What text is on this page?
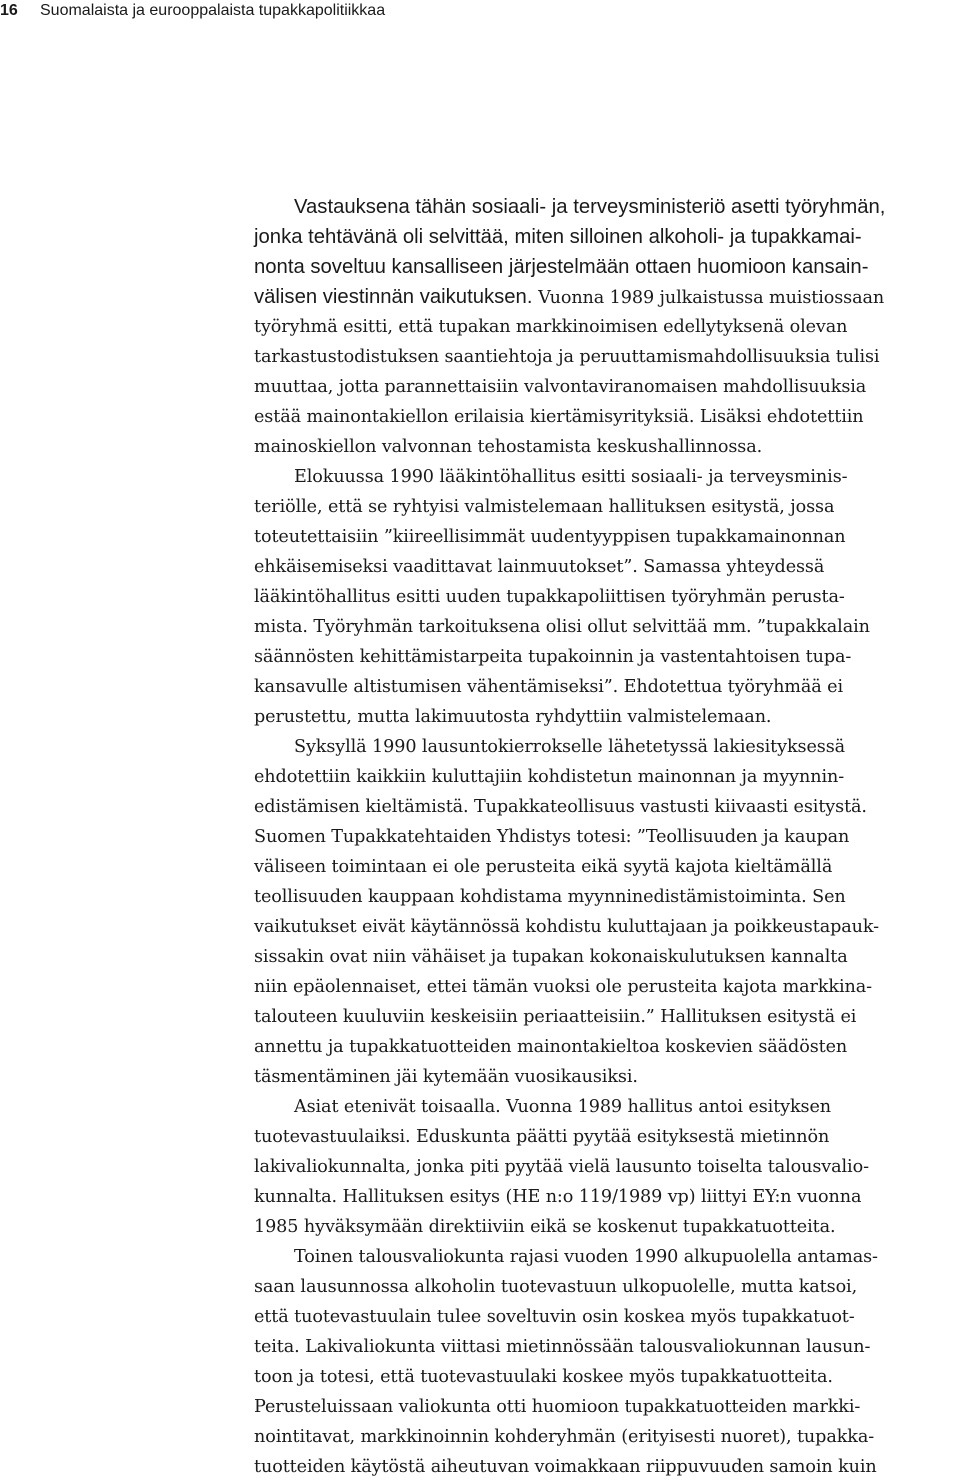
16 Suomalaista ja eurooppalaista tupakkapolitiikkaa
Vastauksena tähän sosiaali- ja terveysministeriö asetti työryhmän,
jonka tehtävänä oli selvittää, miten silloinen alkoholi- ja tupakkamai-
nonta soveltuu kansalliseen järjestelmään ottaen huomioon kansain-
välisen viestinnän vaikutuksen. Vuonna 1989 julkaistussa muistiossaan
työryhmä esitti, että tupakan markkinoimisen edellytyksenä olevan
tarkastustodistuksen saantiehtoja ja peruuttamismahdollisuuksia tulisi
muuttaa, jotta parannettaisiin valvontaviranomaisen mahdollisuuksia
estää mainontakiellon erilaisia kiertämisyrityksiä. Lisäksi ehdotettiin
mainoskiellon valvonnan tehostamista keskushallinnossa.
Elokuussa 1990 lääkintöhallitus esitti sosiaali- ja terveysminis-
teriölle, että se ryhtyisi valmistelemaan hallituksen esitystä, jossa
toteutettaisiin ”kiireellisimmät uudentyyppisen tupakkamainonnan
ehkäisemiseksi vaadittavat lainmuutokset”. Samassa yhteydessä
lääkintöhallitus esitti uuden tupakkapoliittisen työryhmän perusta-
mista. Työryhmän tarkoituksena olisi ollut selvittää mm. ”tupakkalain
säännösten kehittämistarpeita tupakoinnin ja vastentahtoisen tupa-
kansavulle altistumisen vähentämiseksi”. Ehdotettua työryhmää ei
perustettu, mutta lakimuutosta ryhdyttiin valmistelemaan.
Syksyllä 1990 lausuntokierrokselle lähetetyssä lakiesityksessä
ehdotettiin kaikkiin kuluttajiin kohdistetun mainonnan ja myynnin-
edistämisen kieltämistä. Tupakkateollisuus vastusti kiivaasti esitystä.
Suomen Tupakkatehtaiden Yhdistys totesi: ”Teollisuuden ja kaupan
väliseen toimintaan ei ole perusteita eikä syytä kajota kieltämällä
teollisuuden kauppaan kohdistama myynninedistämistoiminta. Sen
vaikutukset eivät käytännössä kohdistu kuluttajaan ja poikkeustapauk-
sissakin ovat niin vähäiset ja tupakan kokonaiskulutuksen kannalta
niin epäolennaiset, ettei tämän vuoksi ole perusteita kajota markkina-
talouteen kuuluviin keskeisiin periaatteisiin.” Hallituksen esitystä ei
annettu ja tupakkatuotteiden mainontakieltoa koskevien säädösten
täsmentäminen jäi kytemään vuosikausiksi.
Asiat etenivät toisaalla. Vuonna 1989 hallitus antoi esityksen
tuotevastuulaiksi. Eduskunta päätti pyytää esityksestä mietinnön
lakivaliokunnalta, jonka piti pyytää vielä lausunto toiselta talousvalio-
kunnalta. Hallituksen esitys (HE n:o 119/1989 vp) liittyi EY:n vuonna
1985 hyväksymään direktiiviin eikä se koskenut tupakkatuotteita.
Toinen talousvaliokunta rajasi vuoden 1990 alkupuolella antamas-
saan lausunnossa alkoholin tuotevastuun ulkopuolelle, mutta katsoi,
että tuotevastuulain tulee soveltuvin osin koskea myös tupakkatuot-
teita. Lakivaliokunta viittasi mietinnössään talousvaliokunnan lausun-
toon ja totesi, että tuotevastuulaki koskee myös tupakkatuotteita.
Perusteluissaan valiokunta otti huomioon tupakkatuotteiden markki-
nointitavat, markkinoinnin kohderyhmän (erityisesti nuoret), tupakka-
tuotteiden käytöstä aiheutuvan voimakkaan riippuvuuden samoin kuin
